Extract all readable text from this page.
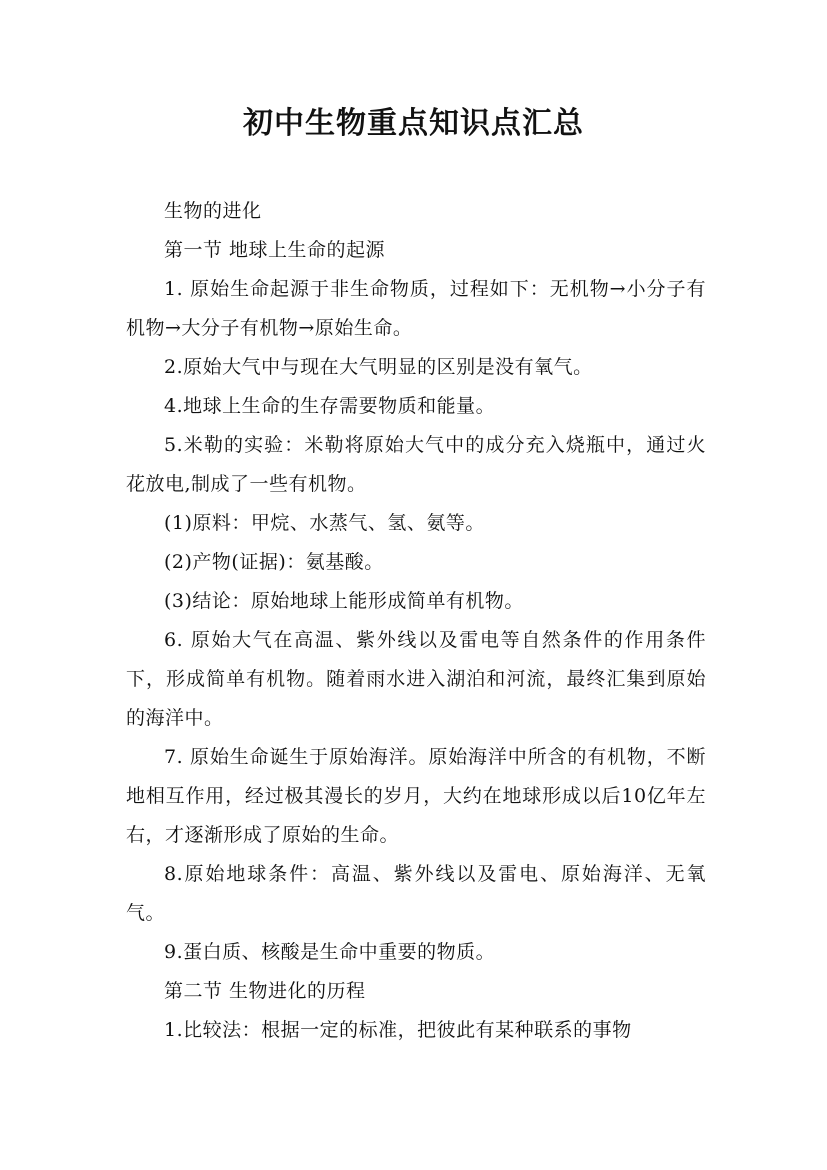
初中生物重点知识点汇总

生物的进化

第一节 地球上生命的起源

1. 原始生命起源于非生命物质，过程如下：无机物→小分子有机物→大分子有机物→原始生命。

2.原始大气中与现在大气明显的区别是没有氧气。

4.地球上生命的生存需要物质和能量。

5.米勒的实验：米勒将原始大气中的成分充入烧瓶中，通过火花放电,制成了一些有机物。

(1)原料：甲烷、水蒸气、氢、氨等。

(2)产物(证据)：氨基酸。

(3)结论：原始地球上能形成简单有机物。

6. 原始大气在高温、紫外线以及雷电等自然条件的作用条件下，形成简单有机物。随着雨水进入湖泊和河流，最终汇集到原始的海洋中。

7. 原始生命诞生于原始海洋。原始海洋中所含的有机物，不断地相互作用，经过极其漫长的岁月，大约在地球形成以后10亿年左右，才逐渐形成了原始的生命。

8.原始地球条件：高温、紫外线以及雷电、原始海洋、无氧气。

9.蛋白质、核酸是生命中重要的物质。

第二节 生物进化的历程

1.比较法：根据一定的标准，把彼此有某种联系的事物
